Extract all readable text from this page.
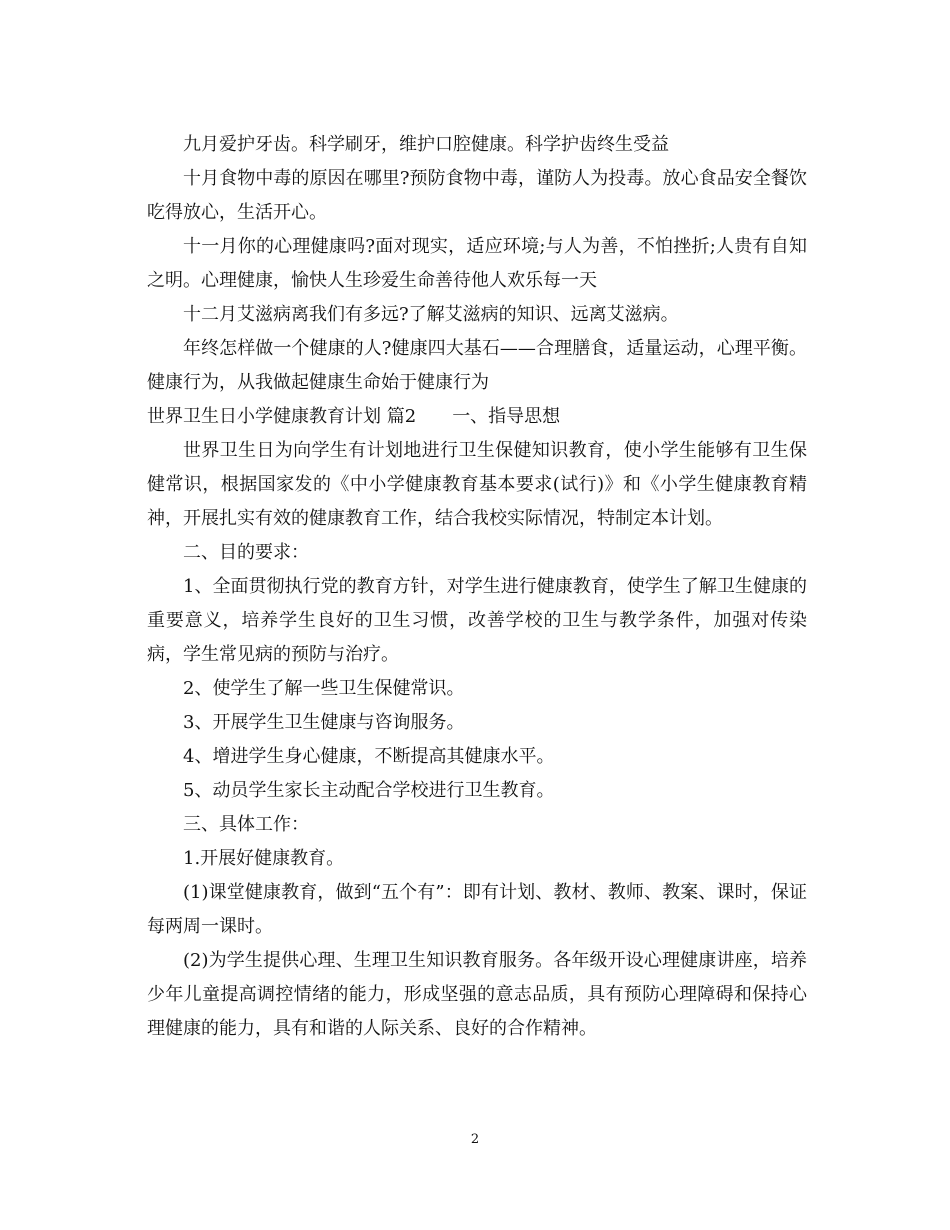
九月爱护牙齿。科学刷牙，维护口腔健康。科学护齿终生受益

十月食物中毒的原因在哪里?预防食物中毒，谨防人为投毒。放心食品安全餐饮吃得放心，生活开心。

十一月你的心理健康吗?面对现实，适应环境;与人为善，不怕挫折;人贵有自知之明。心理健康，愉快人生珍爱生命善待他人欢乐每一天

十二月艾滋病离我们有多远?了解艾滋病的知识、远离艾滋病。

年终怎样做一个健康的人?健康四大基石——合理膳食，适量运动，心理平衡。健康行为，从我做起健康生命始于健康行为

世界卫生日小学健康教育计划 篇2 一、指导思想

世界卫生日为向学生有计划地进行卫生保健知识教育，使小学生能够有卫生保健常识，根据国家发的《中小学健康教育基本要求(试行)》和《小学生健康教育精神，开展扎实有效的健康教育工作，结合我校实际情况，特制定本计划。

二、目的要求：

1、全面贯彻执行党的教育方针，对学生进行健康教育，使学生了解卫生健康的重要意义，培养学生良好的卫生习惯，改善学校的卫生与教学条件，加强对传染病，学生常见病的预防与治疗。

2、使学生了解一些卫生保健常识。

3、开展学生卫生健康与咨询服务。

4、增进学生身心健康，不断提高其健康水平。

5、动员学生家长主动配合学校进行卫生教育。

三、具体工作：

1.开展好健康教育。

(1)课堂健康教育，做到“五个有”：即有计划、教材、教师、教案、课时，保证每两周一课时。

(2)为学生提供心理、生理卫生知识教育服务。各年级开设心理健康讲座，培养少年儿童提高调控情绪的能力，形成坚强的意志品质，具有预防心理障碍和保持心理健康的能力，具有和谐的人际关系、良好的合作精神。

2
